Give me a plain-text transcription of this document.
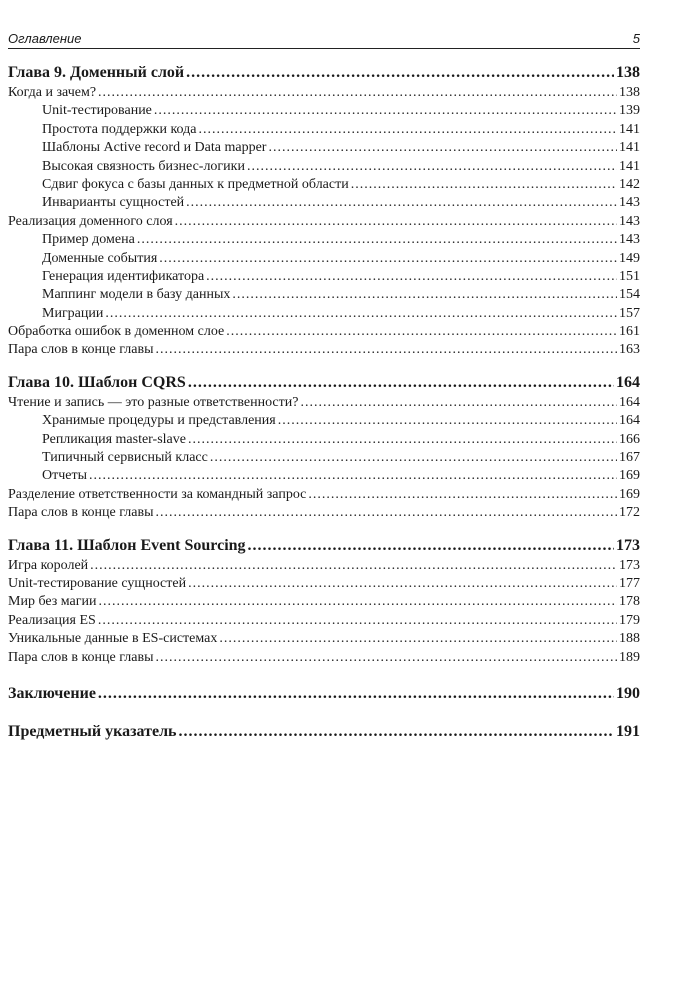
Оглавление	5
Глава 9. Доменный слой .....	138
Когда и зачем? .....	138
Unit-тестирование .....	139
Простота поддержки кода .....	141
Шаблоны Active record и Data mapper .....	141
Высокая связность бизнес-логики .....	141
Сдвиг фокуса с базы данных к предметной области .....	142
Инварианты сущностей .....	143
Реализация доменного слоя .....	143
Пример домена .....	143
Доменные события .....	149
Генерация идентификатора .....	151
Маппинг модели в базу данных .....	154
Миграции .....	157
Обработка ошибок в доменном слое .....	161
Пара слов в конце главы .....	163
Глава 10. Шаблон CQRS .....	164
Чтение и запись — это разные ответственности? .....	164
Хранимые процедуры и представления .....	164
Репликация master-slave .....	166
Типичный сервисный класс .....	167
Отчеты .....	169
Разделение ответственности за командный запрос .....	169
Пара слов в конце главы .....	172
Глава 11. Шаблон Event Sourcing .....	173
Игра королей .....	173
Unit-тестирование сущностей .....	177
Мир без магии .....	178
Реализация ES .....	179
Уникальные данные в ES-системах .....	188
Пара слов в конце главы .....	189
Заключение .....	190
Предметный указатель .....	191
